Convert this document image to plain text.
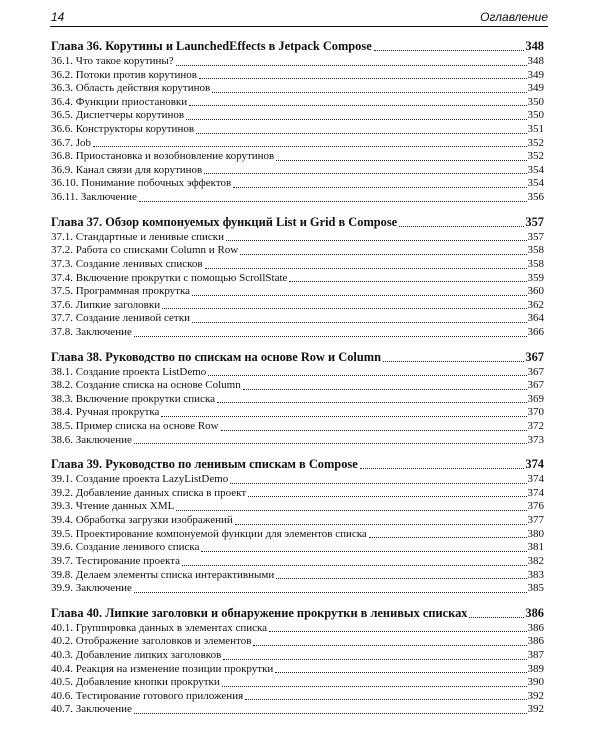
14	Оглавление
Глава 36. Корутины и LaunchedEffects в Jetpack Compose	348
36.1. Что такое корутины?	348
36.2. Потоки против корутинов	349
36.3. Область действия корутинов	349
36.4. Функции приостановки	350
36.5. Диспетчеры корутинов	350
36.6. Конструкторы корутинов	351
36.7. Job	352
36.8. Приостановка и возобновление корутинов	352
36.9. Канал связи для корутинов	354
36.10. Понимание побочных эффектов	354
36.11. Заключение	356
Глава 37. Обзор компонуемых функций List и Grid в Compose	357
37.1. Стандартные и ленивые списки	357
37.2. Работа со списками Column и Row	358
37.3. Создание ленивых списков	358
37.4. Включение прокрутки с помощью ScrollState	359
37.5. Программная прокрутка	360
37.6. Липкие заголовки	362
37.7. Создание ленивой сетки	364
37.8. Заключение	366
Глава 38. Руководство по спискам на основе Row и Column	367
38.1. Создание проекта ListDemo	367
38.2. Создание списка на основе Column	367
38.3. Включение прокрутки списка	369
38.4. Ручная прокрутка	370
38.5. Пример списка на основе Row	372
38.6. Заключение	373
Глава 39. Руководство по ленивым спискам в Compose	374
39.1. Создание проекта LazyListDemo	374
39.2. Добавление данных списка в проект	374
39.3. Чтение данных XML	376
39.4. Обработка загрузки изображений	377
39.5. Проектирование компонуемой функции для элементов списка	380
39.6. Создание ленивого списка	381
39.7. Тестирование проекта	382
39.8. Делаем элементы списка интерактивными	383
39.9. Заключение	385
Глава 40. Липкие заголовки и обнаружение прокрутки в ленивых списках	386
40.1. Группировка данных в элементах списка	386
40.2. Отображение заголовков и элементов	386
40.3. Добавление липких заголовков	387
40.4. Реакция на изменение позиции прокрутки	389
40.5. Добавление кнопки прокрутки	390
40.6. Тестирование готового приложения	392
40.7. Заключение	392
